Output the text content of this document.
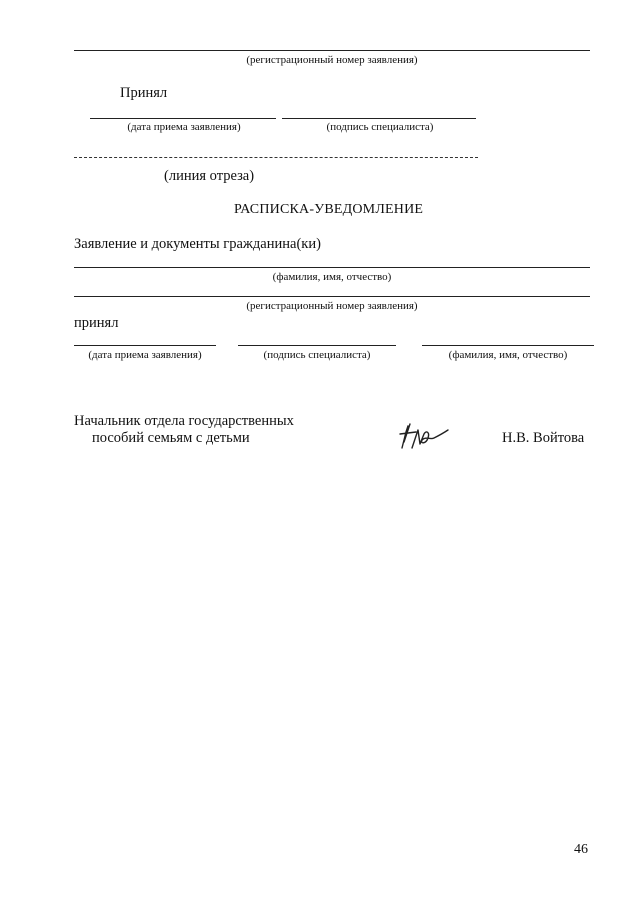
(регистрационный номер заявления)
Принял
(дата приема заявления)	(подпись специалиста)
(линия отреза)
РАСПИСКА-УВЕДОМЛЕНИЕ
Заявление и документы гражданина(ки)
(фамилия, имя, отчество)
(регистрационный номер заявления)
принял
(дата приема заявления)	(подпись специалиста)	(фамилия, имя, отчество)
Начальник отдела государственных
пособий семьям с детьми	Н.В. Войтова
46
